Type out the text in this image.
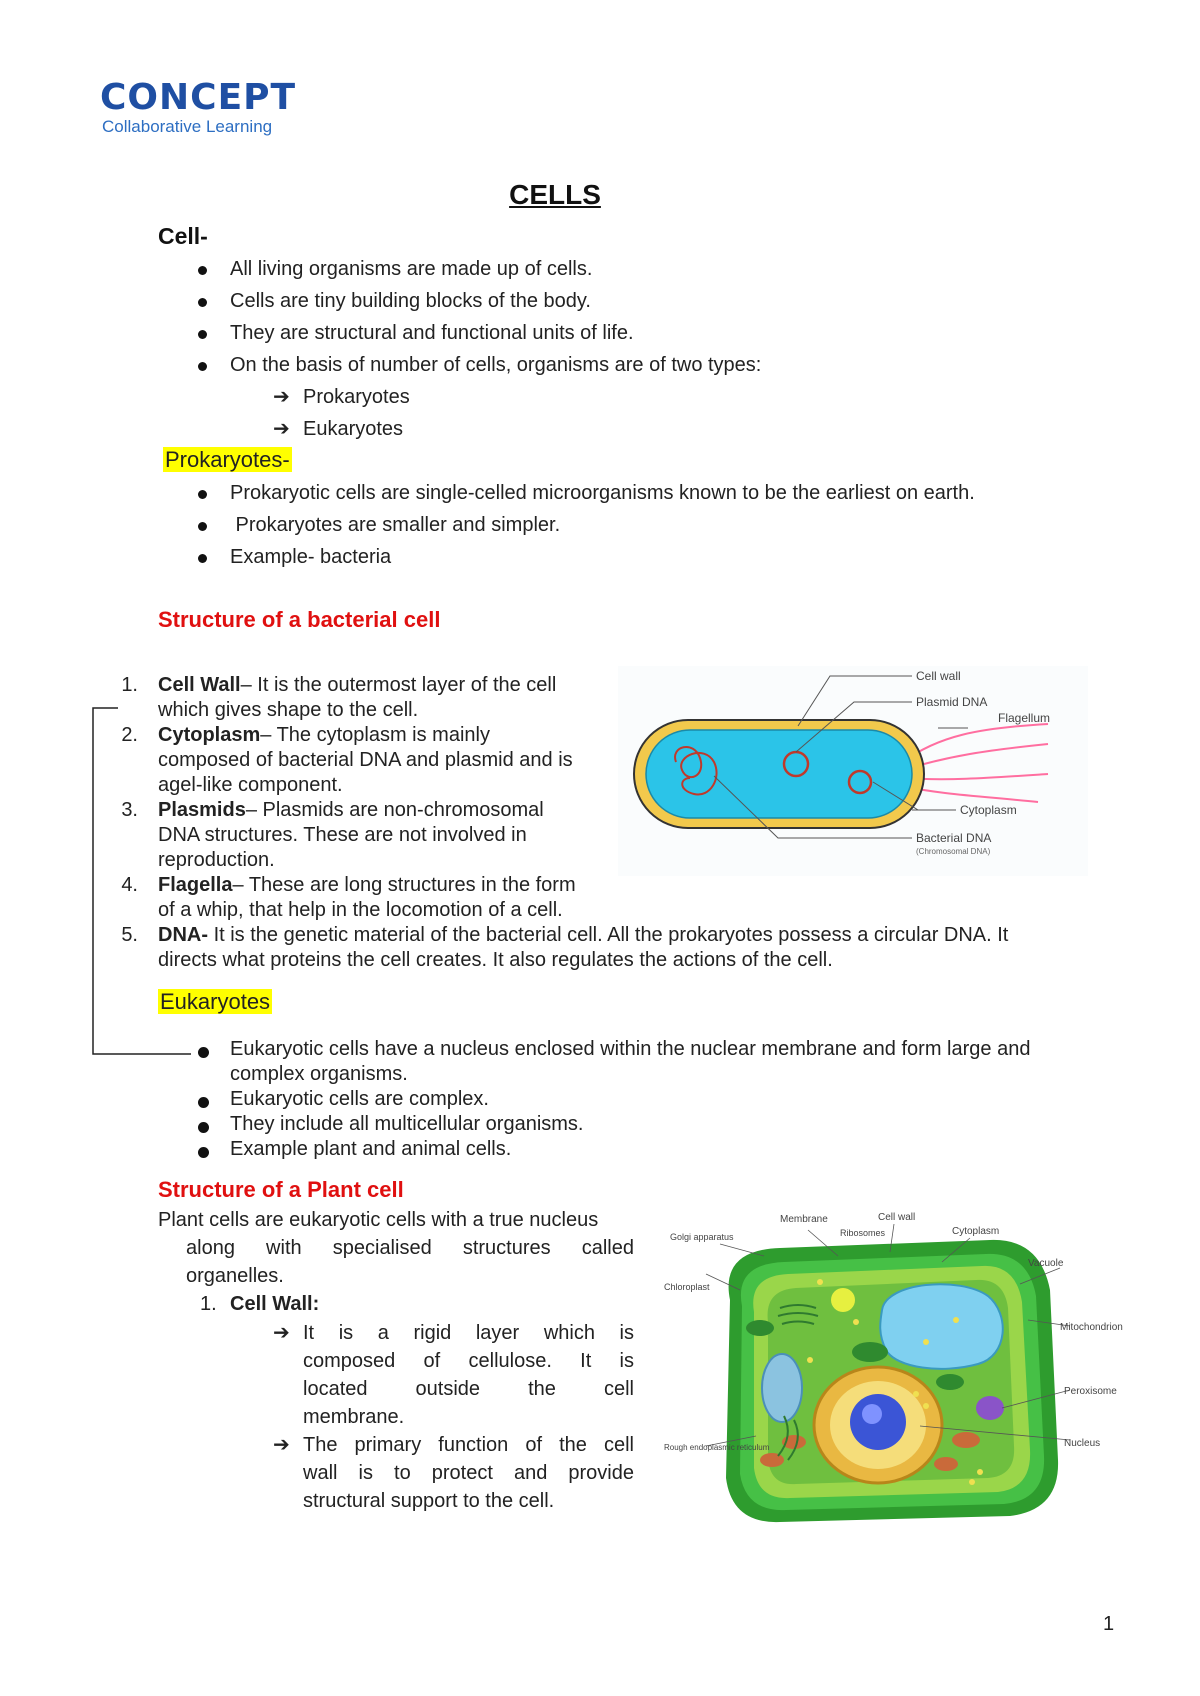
CONCEPT
Collaborative Learning
CELLS
Cell-
All living organisms are made up of cells.
Cells are tiny building blocks of the body.
They are structural and functional units of life.
On the basis of number of cells, organisms are of two types:
➔ Prokaryotes
➔ Eukaryotes
Prokaryotes-
Prokaryotic cells are single-celled microorganisms known to be the earliest on earth.
Prokaryotes are smaller and simpler.
Example- bacteria
Structure of a bacterial cell
1. Cell Wall– It is the outermost layer of the cell
which gives shape to the cell.
2. Cytoplasm– The cytoplasm is mainly
composed of bacterial DNA and plasmid and is
agel-like component.
3. Plasmids– Plasmids are non-chromosomal
DNA structures. These are not involved in
reproduction.
4. Flagella– These are long structures in the form
of a whip, that help in the locomotion of a cell.
5. DNA- It is the genetic material of the bacterial cell. All the prokaryotes possess a circular DNA. It
directs what proteins the cell creates. It also regulates the actions of the cell.
Cell wall
Plasmid DNA
Flagellum
Cytoplasm
Bacterial DNA
(Chromosomal DNA)
Eukaryotes
Eukaryotic cells have a nucleus enclosed within the nuclear membrane and form large and
complex organisms.
Eukaryotic cells are complex.
They include all multicellular organisms.
Example plant and animal cells.
Structure of a Plant cell
Plant cells are eukaryotic cells with a true nucleus
along with specialised structures called
organelles.
1. Cell Wall:
➔ It is a rigid layer which is
composed of cellulose. It is
located outside the cell
membrane.
➔ The primary function of the cell
wall is to protect and provide
structural support to the cell.
Membrane	Cell wall
Ribosomes	Cytoplasm
Golgi apparatus
Vacuole
Chloroplast
Mitochondrion
Peroxisome
Rough endoplasmic reticulum	Nucleus
1
